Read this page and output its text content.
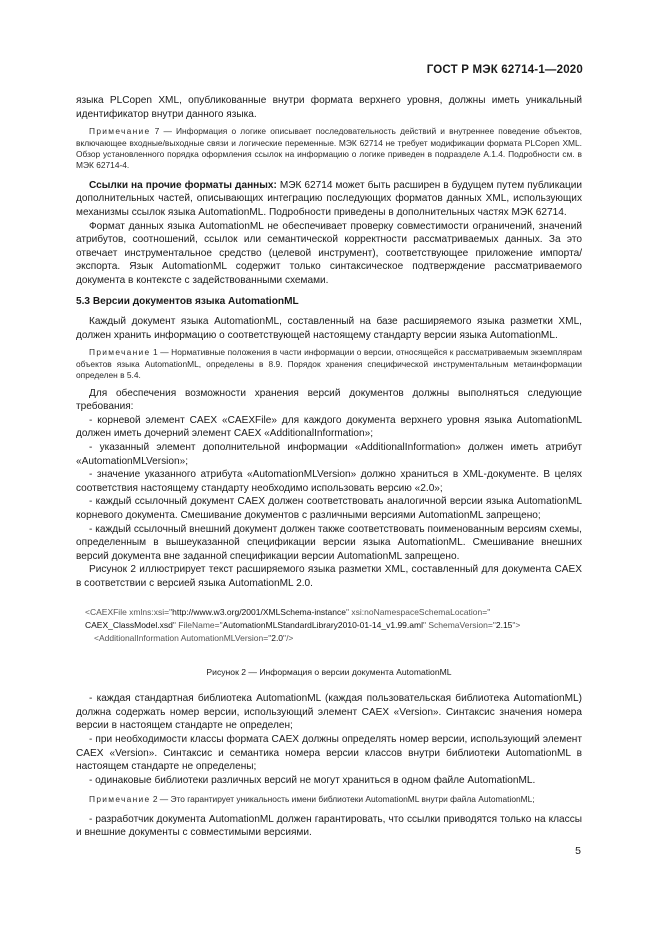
ГОСТ Р МЭК 62714-1—2020

языка PLCopen XML, опубликованные внутри формата верхнего уровня, должны иметь уникальный идентификатор внутри данного языка.

Примечание 7 — Информация о логике описывает последовательность действий и внутреннее поведение объектов, включающее входные/выходные связи и логические переменные. МЭК 62714 не требует модификации формата PLCopen XML. Обзор установленного порядка оформления ссылок на информацию о логике приведен в подразделе А.1.4. Подробности см. в МЭК 62714-4.

Ссылки на прочие форматы данных: МЭК 62714 может быть расширен в будущем путем публикации дополнительных частей, описывающих интеграцию последующих форматов данных XML, использующих механизмы ссылок языка AutomationML. Подробности приведены в дополнительных частях МЭК 62714.

Формат данных языка AutomationML не обеспечивает проверку совместимости ограничений, значений атрибутов, соотношений, ссылок или семантической корректности рассматриваемых данных. За это отвечает инструментальное средство (целевой инструмент), соответствующее приложение импорта/экспорта. Язык AutomationML содержит только синтаксическое подтверждение рассматриваемого документа в контексте с задействованными схемами.

5.3 Версии документов языка AutomationML

Каждый документ языка AutomationML, составленный на базе расширяемого языка разметки XML, должен хранить информацию о соответствующей настоящему стандарту версии языка AutomationML.

Примечание 1 — Нормативные положения в части информации о версии, относящейся к рассматриваемым экземплярам объектов языка AutomationML, определены в 8.9. Порядок хранения специфической инструментальным метаинформации определен в 5.4.

Для обеспечения возможности хранения версий документов должны выполняться следующие требования:

- корневой элемент CAEX «CAEXFile» для каждого документа верхнего уровня языка AutomationML должен иметь дочерний элемент CAEX «AdditionalInformation»;

- указанный элемент дополнительной информации «AdditionalInformation» должен иметь атрибут «AutomationMLVersion»;

- значение указанного атрибута «AutomationMLVersion» должно храниться в XML-документе. В целях соответствия настоящему стандарту необходимо использовать версию «2.0»;

- каждый ссылочный документ CAEX должен соответствовать аналогичной версии языка AutomationML корневого документа. Смешивание документов с различными версиями AutomationML запрещено;

- каждый ссылочный внешний документ должен также соответствовать поименованным версиям схемы, определенным в вышеуказанной спецификации версии языка AutomationML. Смешивание внешних версий документа вне заданной спецификации версии AutomationML запрещено.

Рисунок 2 иллюстрирует текст расширяемого языка разметки XML, составленный для документа CAEX в соответствии с версией языка AutomationML 2.0.

<CAEXFile xmlns:xsi="http://www.w3.org/2001/XMLSchema-instance" xsi:noNamespaceSchemaLocation="
CAEX_ClassModel.xsd" FileName="AutomationMLStandardLibrary2010-01-14_v1.99.aml" SchemaVersion="2.15">
<AdditionalInformation AutomationMLVersion="2.0"/>

Рисунок 2 — Информация о версии документа AutomationML

- каждая стандартная библиотека AutomationML (каждая пользовательская библиотека AutomationML) должна содержать номер версии, использующий элемент CAEX «Version». Синтаксис значения номера версии в настоящем стандарте не определен;

- при необходимости классы формата CAEX должны определять номер версии, использующий элемент CAEX «Version». Синтаксис и семантика номера версии классов внутри библиотеки AutomationML в настоящем стандарте не определены;

- одинаковые библиотеки различных версий не могут храниться в одном файле AutomationML.

Примечание 2 — Это гарантирует уникальность имени библиотеки AutomationML внутри файла AutomationML;

- разработчик документа AutomationML должен гарантировать, что ссылки приводятся только на классы и внешние документы с совместимыми версиями.

5
